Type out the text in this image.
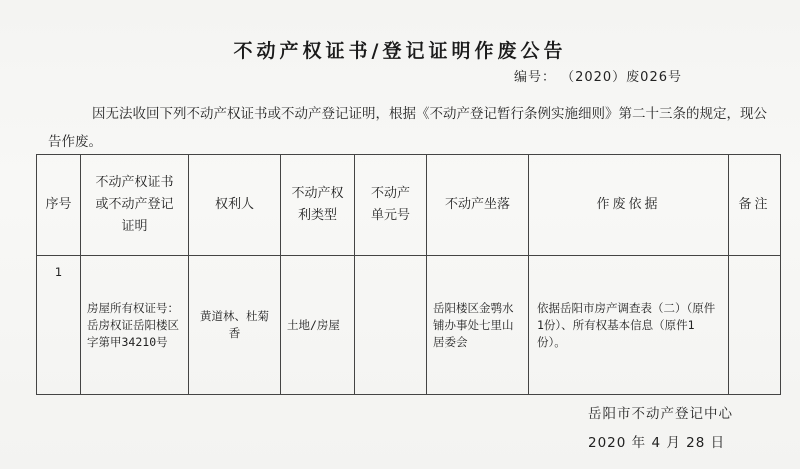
不动产权证书/登记证明作废公告
编号： （2020）废026号
因无法收回下列不动产权证书或不动产登记证明，根据《不动产登记暂行条例实施细则》第二十三条的规定，现公告作废。
序号	不动产权证书或不动产登记证明	权利人	不动产权利类型	不动产单元号	不动产坐落	作废依据	备注
1	房屋所有权证号：岳房权证岳阳楼区字第甲34210号	黄道林、杜菊香	土地/房屋		岳阳楼区金鹗水铺办事处七里山居委会	依据岳阳市房产调查表（二）（原件1份）、所有权基本信息（原件1份）。	
岳阳市不动产登记中心
2020 年 4 月 28 日
